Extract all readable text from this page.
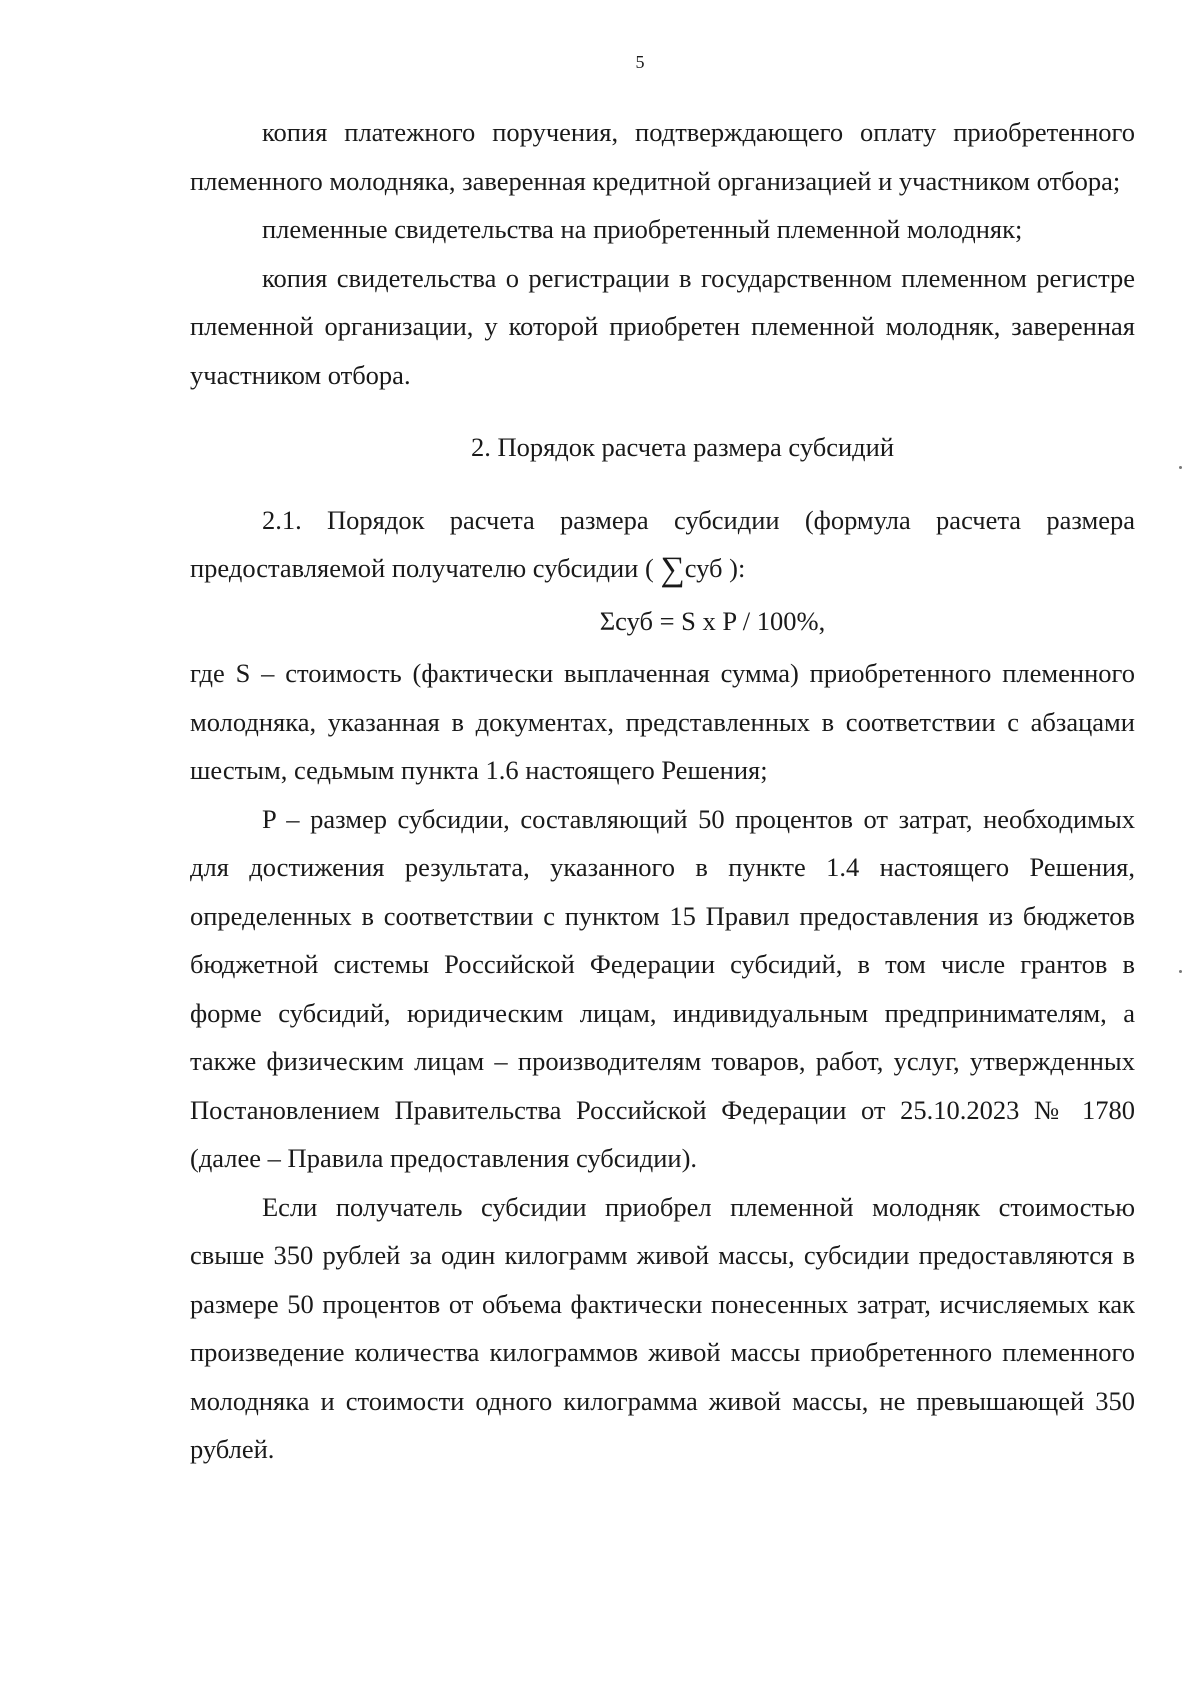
5

копия платежного поручения, подтверждающего оплату приобретенного племенного молодняка, заверенная кредитной организацией и участником отбора;

племенные свидетельства на приобретенный племенной молодняк;

копия свидетельства о регистрации в государственном племенном регистре племенной организации, у которой приобретен племенной молодняк, заверенная участником отбора.

2. Порядок расчета размера субсидий

2.1. Порядок расчета размера субсидии (формула расчета размера предоставляемой получателю субсидии ( ∑суб ):

Σсуб = S x P / 100%,

где S – стоимость (фактически выплаченная сумма) приобретенного племенного молодняка, указанная в документах, представленных в соответствии с абзацами шестым, седьмым пункта 1.6 настоящего Решения;

P – размер субсидии, составляющий 50 процентов от затрат, необходимых для достижения результата, указанного в пункте 1.4 настоящего Решения, определенных в соответствии с пунктом 15 Правил предоставления из бюджетов бюджетной системы Российской Федерации субсидий, в том числе грантов в форме субсидий, юридическим лицам, индивидуальным предпринимателям, а также физическим лицам – производителям товаров, работ, услуг, утвержденных Постановлением Правительства Российской Федерации от 25.10.2023 № 1780 (далее – Правила предоставления субсидии).

Если получатель субсидии приобрел племенной молодняк стоимостью свыше 350 рублей за один килограмм живой массы, субсидии предоставляются в размере 50 процентов от объема фактически понесенных затрат, исчисляемых как произведение количества килограммов живой массы приобретенного племенного молодняка и стоимости одного килограмма живой массы, не превышающей 350 рублей.
